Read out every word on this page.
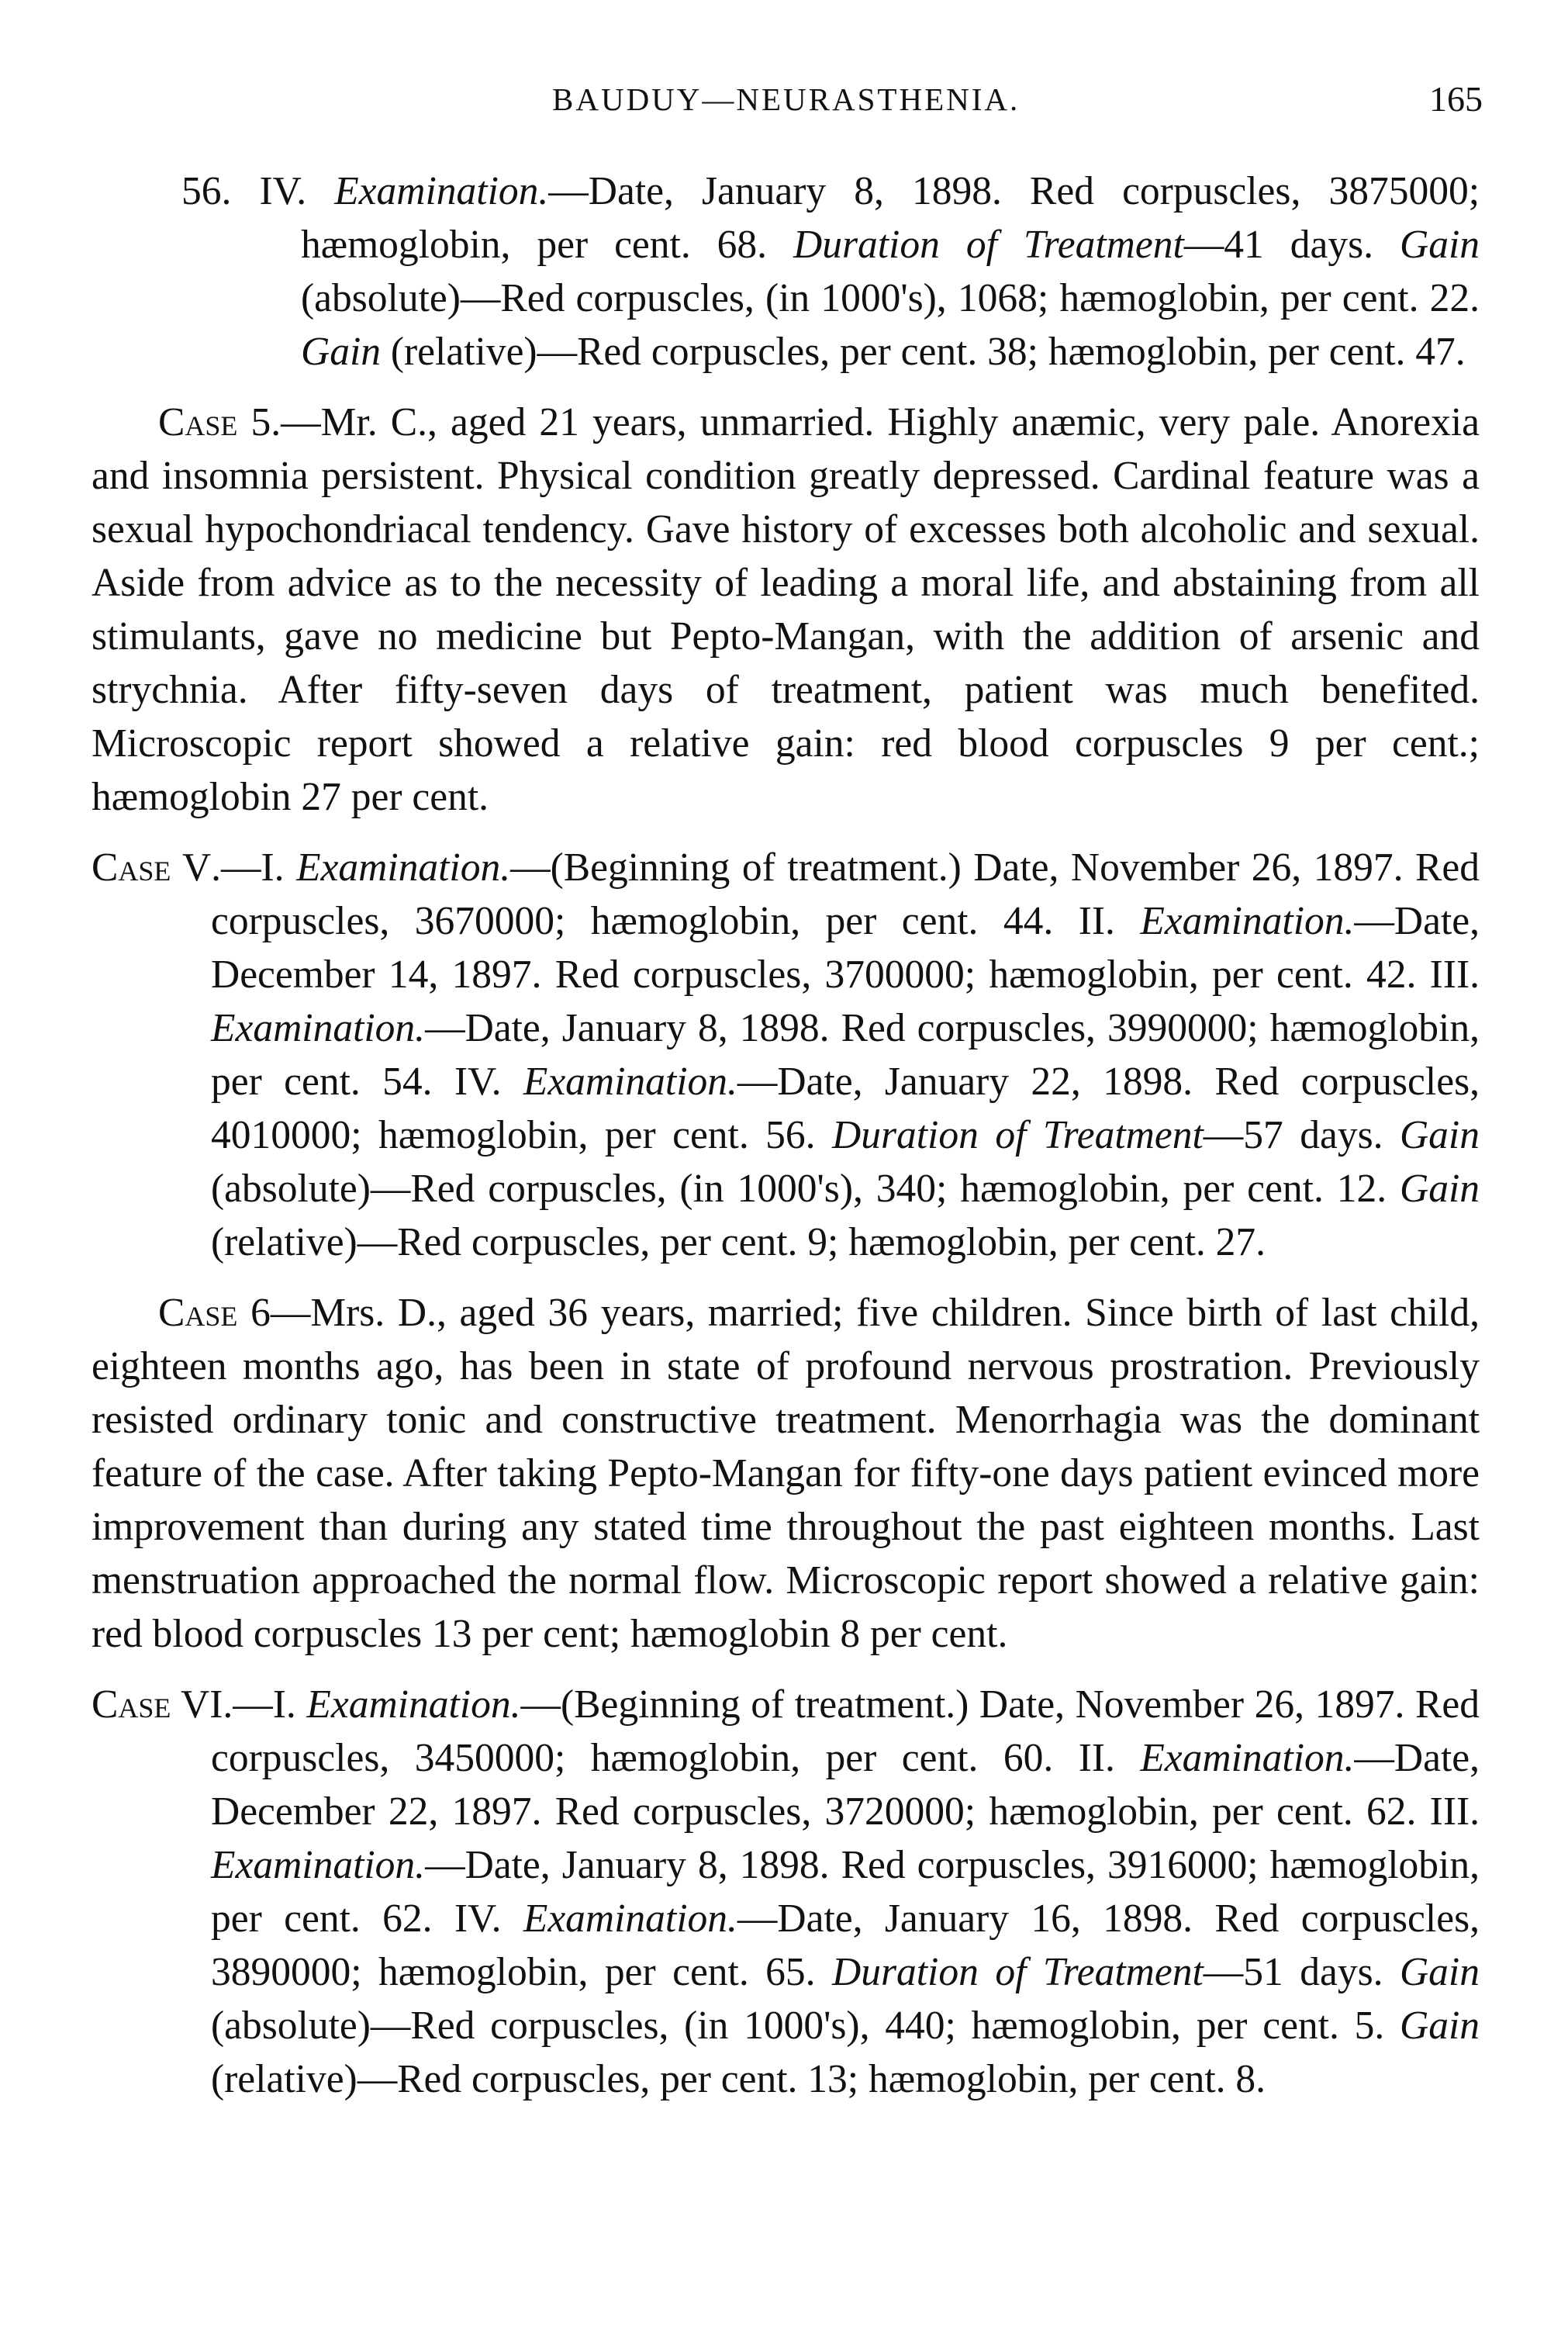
BAUDUY—NEURASTHENIA.	165

56. IV. Examination.—Date, January 8, 1898. Red corpuscles, 3875000; hæmoglobin, per cent. 68. Duration of Treatment—41 days. Gain (absolute)—Red corpuscles, (in 1000's), 1068; hæmoglobin, per cent. 22. Gain (relative)—Red corpuscles, per cent. 38; hæmoglobin, per cent. 47.

Case 5.—Mr. C., aged 21 years, unmarried. Highly anæmic, very pale. Anorexia and insomnia persistent. Physical condition greatly depressed. Cardinal feature was a sexual hypochondriacal tendency. Gave history of excesses both alcoholic and sexual. Aside from advice as to the necessity of leading a moral life, and abstaining from all stimulants, gave no medicine but Pepto-Mangan, with the addition of arsenic and strychnia. After fifty-seven days of treatment, patient was much benefited. Microscopic report showed a relative gain: red blood corpuscles 9 per cent.; hæmoglobin 27 per cent.

Case V.—I. Examination.—(Beginning of treatment.) Date, November 26, 1897. Red corpuscles, 3670000; hæmoglobin, per cent. 44. II. Examination.—Date, December 14, 1897. Red corpuscles, 3700000; hæmoglobin, per cent. 42. III. Examination.—Date, January 8, 1898. Red corpuscles, 3990000; hæmoglobin, per cent. 54. IV. Examination.—Date, January 22, 1898. Red corpuscles, 4010000; hæmoglobin, per cent. 56. Duration of Treatment—57 days. Gain (absolute)—Red corpuscles, (in 1000's), 340; hæmoglobin, per cent. 12. Gain (relative)—Red corpuscles, per cent. 9; hæmoglobin, per cent. 27.

Case 6—Mrs. D., aged 36 years, married; five children. Since birth of last child, eighteen months ago, has been in state of profound nervous prostration. Previously resisted ordinary tonic and constructive treatment. Menorrhagia was the dominant feature of the case. After taking Pepto-Mangan for fifty-one days patient evinced more improvement than during any stated time throughout the past eighteen months. Last menstruation approached the normal flow. Microscopic report showed a relative gain: red blood corpuscles 13 per cent; hæmoglobin 8 per cent.

Case VI.—I. Examination.—(Beginning of treatment.) Date, November 26, 1897. Red corpuscles, 3450000; hæmoglobin, per cent. 60. II. Examination.—Date, December 22, 1897. Red corpuscles, 3720000; hæmoglobin, per cent. 62. III. Examination.—Date, January 8, 1898. Red corpuscles, 3916000; hæmoglobin, per cent. 62. IV. Examination.—Date, January 16, 1898. Red corpuscles, 3890000; hæmoglobin, per cent. 65. Duration of Treatment—51 days. Gain (absolute)—Red corpuscles, (in 1000's), 440; hæmoglobin, per cent. 5. Gain (relative)—Red corpuscles, per cent. 13; hæmoglobin, per cent. 8.
